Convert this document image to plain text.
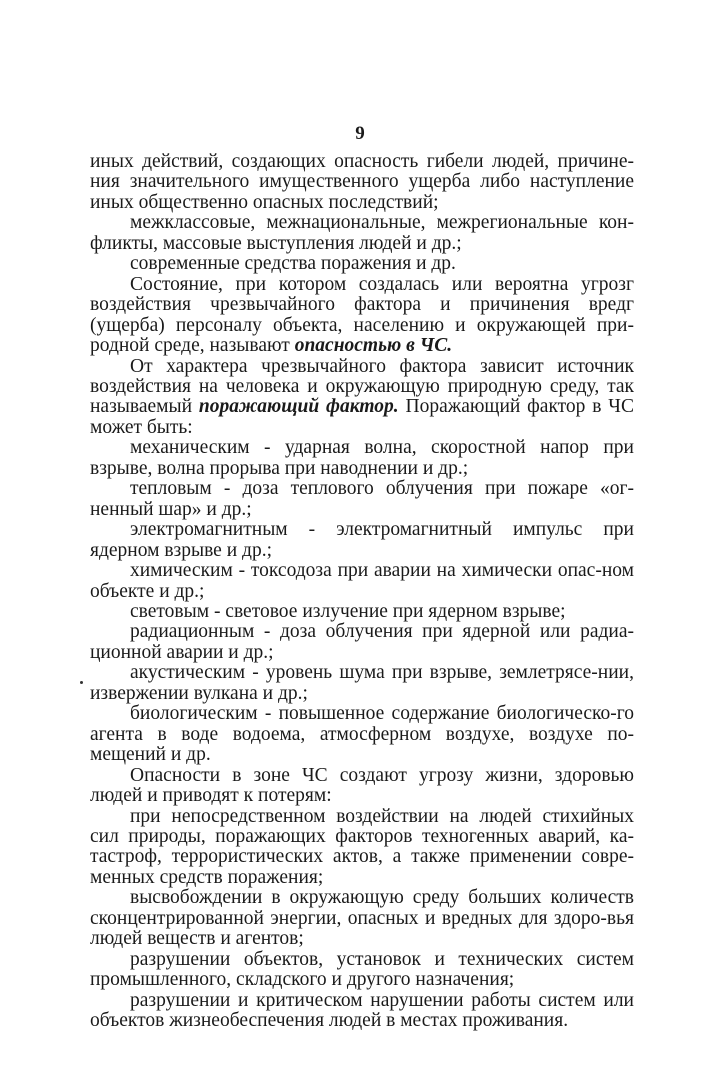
9

иных действий, создающих опасность гибели людей, причине-ния значительного имущественного ущерба либо наступление иных общественно опасных последствий;

межклассовые, межнациональные, межрегиональные кон-фликты, массовые выступления людей и др.;

современные средства поражения и др.

Состояние, при котором создалась или вероятна угрозг воздействия чрезвычайного фактора и причинения вредг (ущерба) персоналу объекта, населению и окружающей при-родной среде, называют опасностью в ЧС.

От характера чрезвычайного фактора зависит источник воздействия на человека и окружающую природную среду, так называемый поражающий фактор. Поражающий фактор в ЧС может быть:

механическим - ударная волна, скоростной напор при взрыве, волна прорыва при наводнении и др.;

тепловым - доза теплового облучения при пожаре «ог-ненный шар» и др.;

электромагнитным - электромагнитный импульс при ядерном взрыве и др.;

химическим - токсодоза при аварии на химически опас-ном объекте и др.;

световым - световое излучение при ядерном взрыве;

радиационным - доза облучения при ядерной или радиа-ционной аварии и др.;

акустическим - уровень шума при взрыве, землетрясе-нии, извержении вулкана и др.;

биологическим - повышенное содержание биологическо-го агента в воде водоема, атмосферном воздухе, воздухе по-мещений и др.

Опасности в зоне ЧС создают угрозу жизни, здоровью людей и приводят к потерям:

при непосредственном воздействии на людей стихийных сил природы, поражающих факторов техногенных аварий, ка-тастроф, террористических актов, а также применении совре-менных средств поражения;

высвобождении в окружающую среду больших количеств сконцентрированной энергии, опасных и вредных для здоро-вья людей веществ и агентов;

разрушении объектов, установок и технических систем промышленного, складского и другого назначения;

разрушении и критическом нарушении работы систем или объектов жизнеобеспечения людей в местах проживания.
